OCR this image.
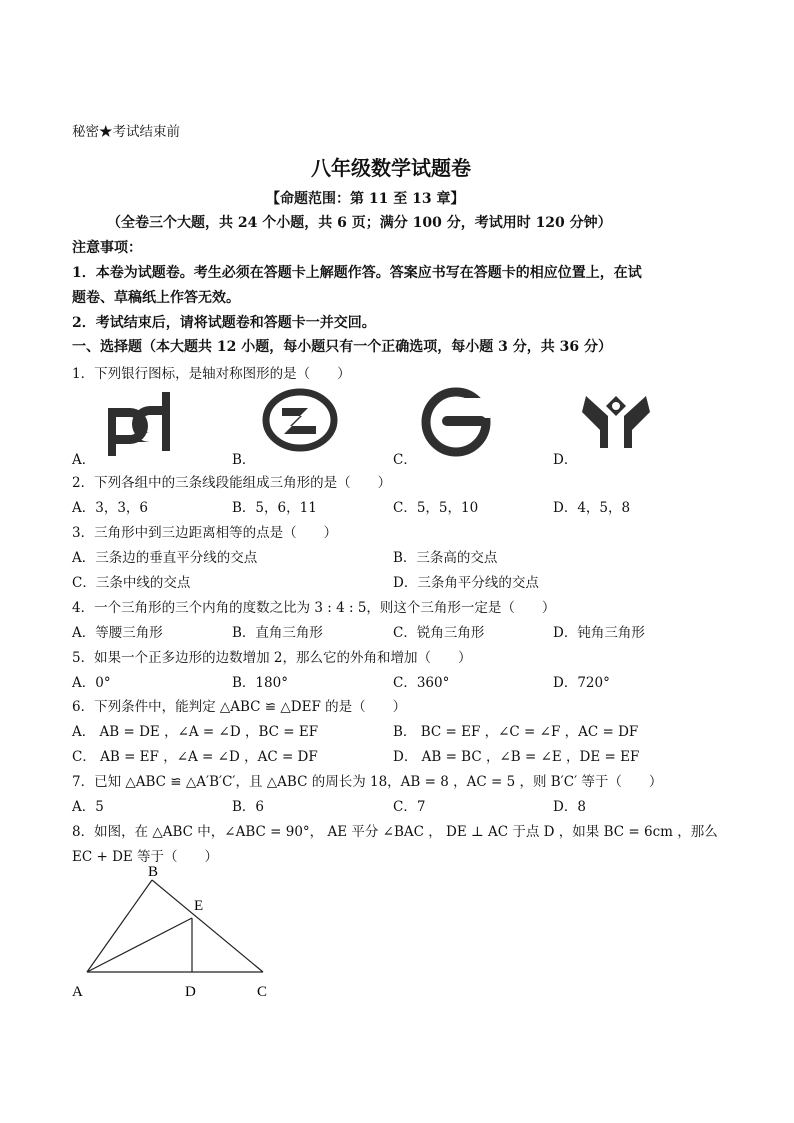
秘密★考试结束前
八年级数学试题卷
【命题范围：第 11 至 13 章】
（全卷三个大题，共 24 个小题，共 6 页；满分 100 分，考试用时 120 分钟）
注意事项：
1．本卷为试题卷。考生必须在答题卡上解题作答。答案应书写在答题卡的相应位置上，在试
题卷、草稿纸上作答无效。
2．考试结束后，请将试题卷和答题卡一并交回。
一、选择题（本大题共 12 小题，每小题只有一个正确选项，每小题 3 分，共 36 分）
1．下列银行图标，是轴对称图形的是（　　）
A．	B．	C．	D．
2．下列各组中的三条线段能组成三角形的是（　　）
A．3，3，6	B．5，6，11	C．5，5，10	D．4，5，8
3．三角形中到三边距离相等的点是（　　）
A．三条边的垂直平分线的交点	B．三条高的交点
C．三条中线的交点	D．三条角平分线的交点
4．一个三角形的三个内角的度数之比为 3 : 4 : 5，则这个三角形一定是（　　）
A．等腰三角形	B．直角三角形	C．锐角三角形	D．钝角三角形
5．如果一个正多边形的边数增加 2，那么它的外角和增加（　　）
A．0°	B．180°	C．360°	D．720°
6．下列条件中，能判定 △ABC ≌ △DEF 的是（　　）
A． AB = DE ，∠A = ∠D ，BC = EF	B． BC = EF ，∠C = ∠F ，AC = DF
C． AB = EF ，∠A = ∠D ，AC = DF	D． AB = BC ，∠B = ∠E ，DE = EF
7．已知 △ABC ≌ △A′B′C′，且 △ABC 的周长为 18，AB = 8 ，AC = 5 ，则 B′C′ 等于（　　）
A．5	B．6	C．7	D．8
8．如图，在 △ABC 中，∠ABC = 90°， AE 平分 ∠BAC ， DE ⊥ AC 于点 D ，如果 BC = 6cm ，那么
EC + DE 等于（　　）
B
E
A	D	C
